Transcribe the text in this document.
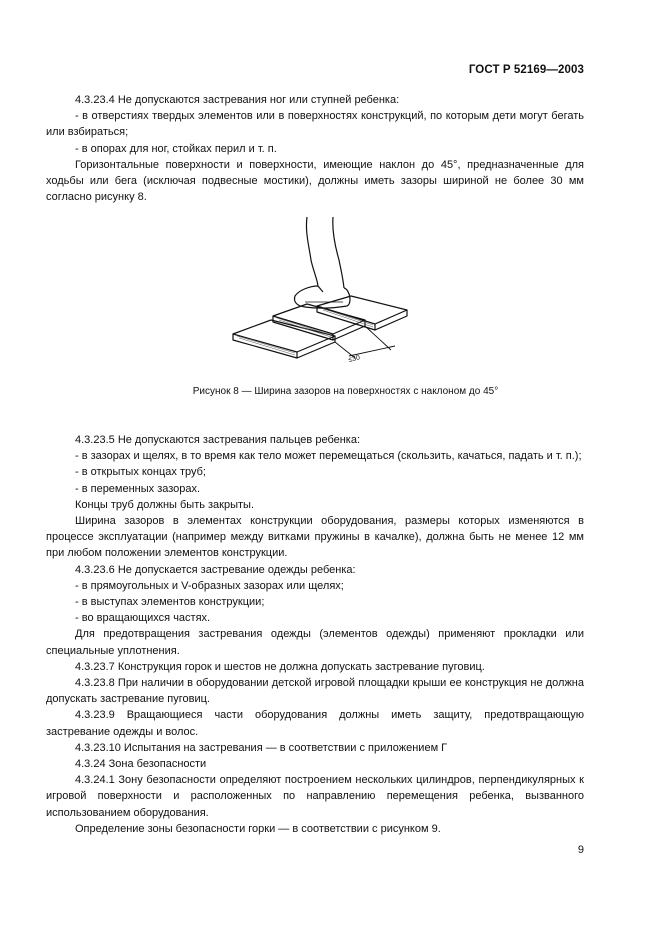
ГОСТ Р 52169—2003

4.3.23.4 Не допускаются застревания ног или ступней ребенка:

- в отверстиях твердых элементов или в поверхностях конструкций, по которым дети могут бегать или взбираться;

- в опорах для ног, стойках перил и т. п.

Горизонтальные поверхности и поверхности, имеющие наклон до 45°, предназначенные для ходьбы или бега (исключая подвесные мостики), должны иметь зазоры шириной не более 30 мм согласно рисунку 8.

≤30
Рисунок 8 — Ширина зазоров на поверхностях с наклоном до 45°

4.3.23.5 Не допускаются застревания пальцев ребенка:

- в зазорах и щелях, в то время как тело может перемещаться (скользить, качаться, падать и т. п.);

- в открытых концах труб;

- в переменных зазорах.

Концы труб должны быть закрыты.

Ширина зазоров в элементах конструкции оборудования, размеры которых изменяются в процессе эксплуатации (например между витками пружины в качалке), должна быть не менее 12 мм при любом положении элементов конструкции.

4.3.23.6 Не допускается застревание одежды ребенка:

- в прямоугольных и V-образных зазорах или щелях;

- в выступах элементов конструкции;

- во вращающихся частях.

Для предотвращения застревания одежды (элементов одежды) применяют прокладки или специальные уплотнения.

4.3.23.7 Конструкция горок и шестов не должна допускать застревание пуговиц.

4.3.23.8 При наличии в оборудовании детской игровой площадки крыши ее конструкция не должна допускать застревание пуговиц.

4.3.23.9 Вращающиеся части оборудования должны иметь защиту, предотвращающую застревание одежды и волос.

4.3.23.10 Испытания на застревания — в соответствии с приложением Г

4.3.24 Зона безопасности

4.3.24.1 Зону безопасности определяют построением нескольких цилиндров, перпендикулярных к игровой поверхности и расположенных по направлению перемещения ребенка, вызванного использованием оборудования.

Определение зоны безопасности горки — в соответствии с рисунком 9.

9
